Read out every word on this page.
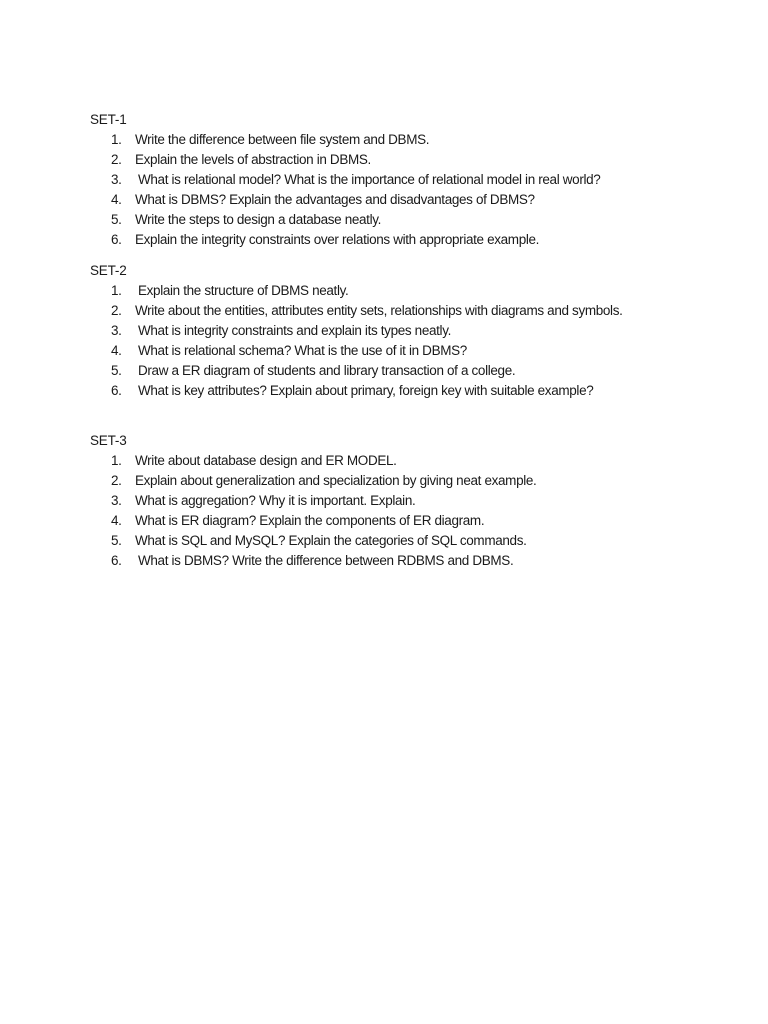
SET-1
1. Write the difference between file system and DBMS.
2. Explain the levels of abstraction in DBMS.
3.	What is relational model? What is the importance of relational model in real world?
4. What is DBMS? Explain the advantages and disadvantages of DBMS?
5. Write the steps to design a database neatly.
6. Explain the integrity constraints over relations with appropriate example.
SET-2
1.	Explain the structure of DBMS neatly.
2. Write about the entities, attributes entity sets, relationships with diagrams and symbols.
3.	What is integrity constraints and explain its types neatly.
4.	What is relational schema? What is the use of it in DBMS?
5.	Draw a ER diagram of students and library transaction of a college.
6.	What is key attributes? Explain about primary, foreign key with suitable example?
SET-3
1. Write about database design and ER MODEL.
2. Explain about generalization and specialization by giving neat example.
3. What is aggregation? Why it is important. Explain.
4. What is ER diagram? Explain the components of ER diagram.
5. What is SQL and MySQL? Explain the categories of SQL commands.
6.	What is DBMS? Write the difference between RDBMS and DBMS.
